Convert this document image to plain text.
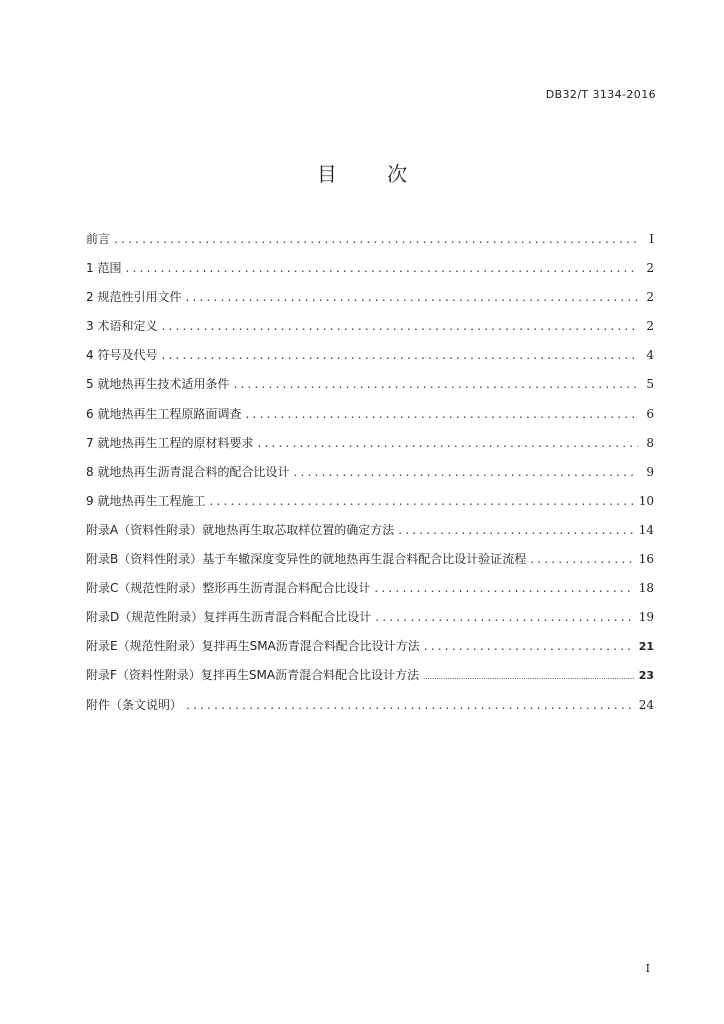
DB32/T 3134-2016
目 次
前言 .....	I
1 范围 .....	2
2 规范性引用文件 .....	2
3 术语和定义 .....	2
4 符号及代号 .....	4
5 就地热再生技术适用条件 .....	5
6 就地热再生工程原路面调查 .....	6
7 就地热再生工程的原材料要求 .....	8
8 就地热再生沥青混合料的配合比设计 .....	9
9 就地热再生工程施工 .....	10
附录A（资料性附录）就地热再生取芯取样位置的确定方法 .....	14
附录B（资料性附录）基于车辙深度变异性的就地热再生混合料配合比设计验证流程 .....	16
附录C（规范性附录）整形再生沥青混合料配合比设计 .....	18
附录D（规范性附录）复拌再生沥青混合料配合比设计 .....	19
附录E（规范性附录）复拌再生SMA沥青混合料配合比设计方法 .....	21
附录F（资料性附录）复拌再生SMA沥青混合料配合比设计方法 .....	23
附件（条文说明） .....	24
I
